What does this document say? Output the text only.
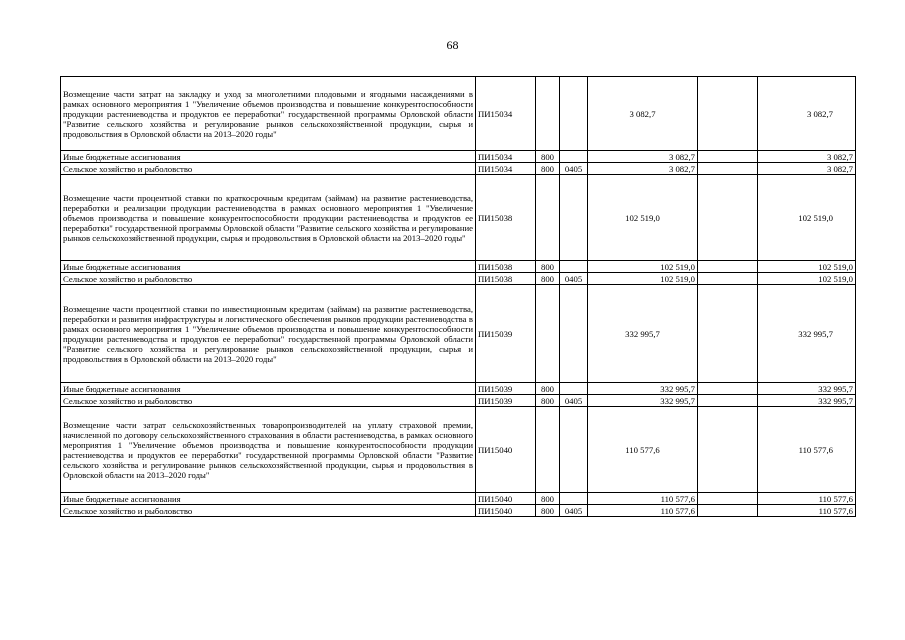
68
Возмещение части затрат на закладку и уход за многолетними плодовыми и ягодными насаждениями в рамках основного мероприятия 1 "Увеличение объемов производства и повышение конкурентоспособности продукции растениеводства и продуктов ее переработки" государственной программы Орловской области "Развитие сельского хозяйства и регулирование рынков сельскохозяйственной продукции, сырья и продовольствия в Орловской области на 2013–2020 годы"	ПИ15034			3 082,7		3 082,7
Иные бюджетные ассигнования	ПИ15034	800		3 082,7		3 082,7
Сельское хозяйство и рыболовство	ПИ15034	800	0405	3 082,7		3 082,7
Возмещение части процентной ставки по краткосрочным кредитам (займам) на развитие растениеводства, переработки и реализации продукции растениеводства в рамках основного мероприятия 1 "Увеличение объемов производства и повышение конкурентоспособности продукции растениеводства и продуктов ее переработки" государственной программы Орловской области "Развитие сельского хозяйства и регулирование рынков сельскохозяйственной продукции, сырья и продовольствия в Орловской области на 2013–2020 годы"	ПИ15038			102 519,0		102 519,0
Иные бюджетные ассигнования	ПИ15038	800		102 519,0		102 519,0
Сельское хозяйство и рыболовство	ПИ15038	800	0405	102 519,0		102 519,0
Возмещение части процентной ставки по инвестиционным кредитам (займам) на развитие растениеводства, переработки и развития инфраструктуры и логистического обеспечения рынков продукции растениеводства в рамках основного мероприятия 1 "Увеличение объемов производства и повышение конкурентоспособности продукции растениеводства и продуктов ее переработки" государственной программы Орловской области "Развитие сельского хозяйства и регулирование рынков сельскохозяйственной продукции, сырья и продовольствия в Орловской области на 2013–2020 годы"	ПИ15039			332 995,7		332 995,7
Иные бюджетные ассигнования	ПИ15039	800		332 995,7		332 995,7
Сельское хозяйство и рыболовство	ПИ15039	800	0405	332 995,7		332 995,7
Возмещение части затрат сельскохозяйственных товаропроизводителей на уплату страховой премии, начисленной по договору сельскохозяйственного страхования в области растениеводства, в рамках основного мероприятия 1 "Увеличение объемов производства и повышение конкурентоспособности продукции растениеводства и продуктов ее переработки" государственной программы Орловской области "Развитие сельского хозяйства и регулирование рынков сельскохозяйственной продукции, сырья и продовольствия в Орловской области на 2013–2020 годы"	ПИ15040			110 577,6		110 577,6
Иные бюджетные ассигнования	ПИ15040	800		110 577,6		110 577,6
Сельское хозяйство и рыболовство	ПИ15040	800	0405	110 577,6		110 577,6
